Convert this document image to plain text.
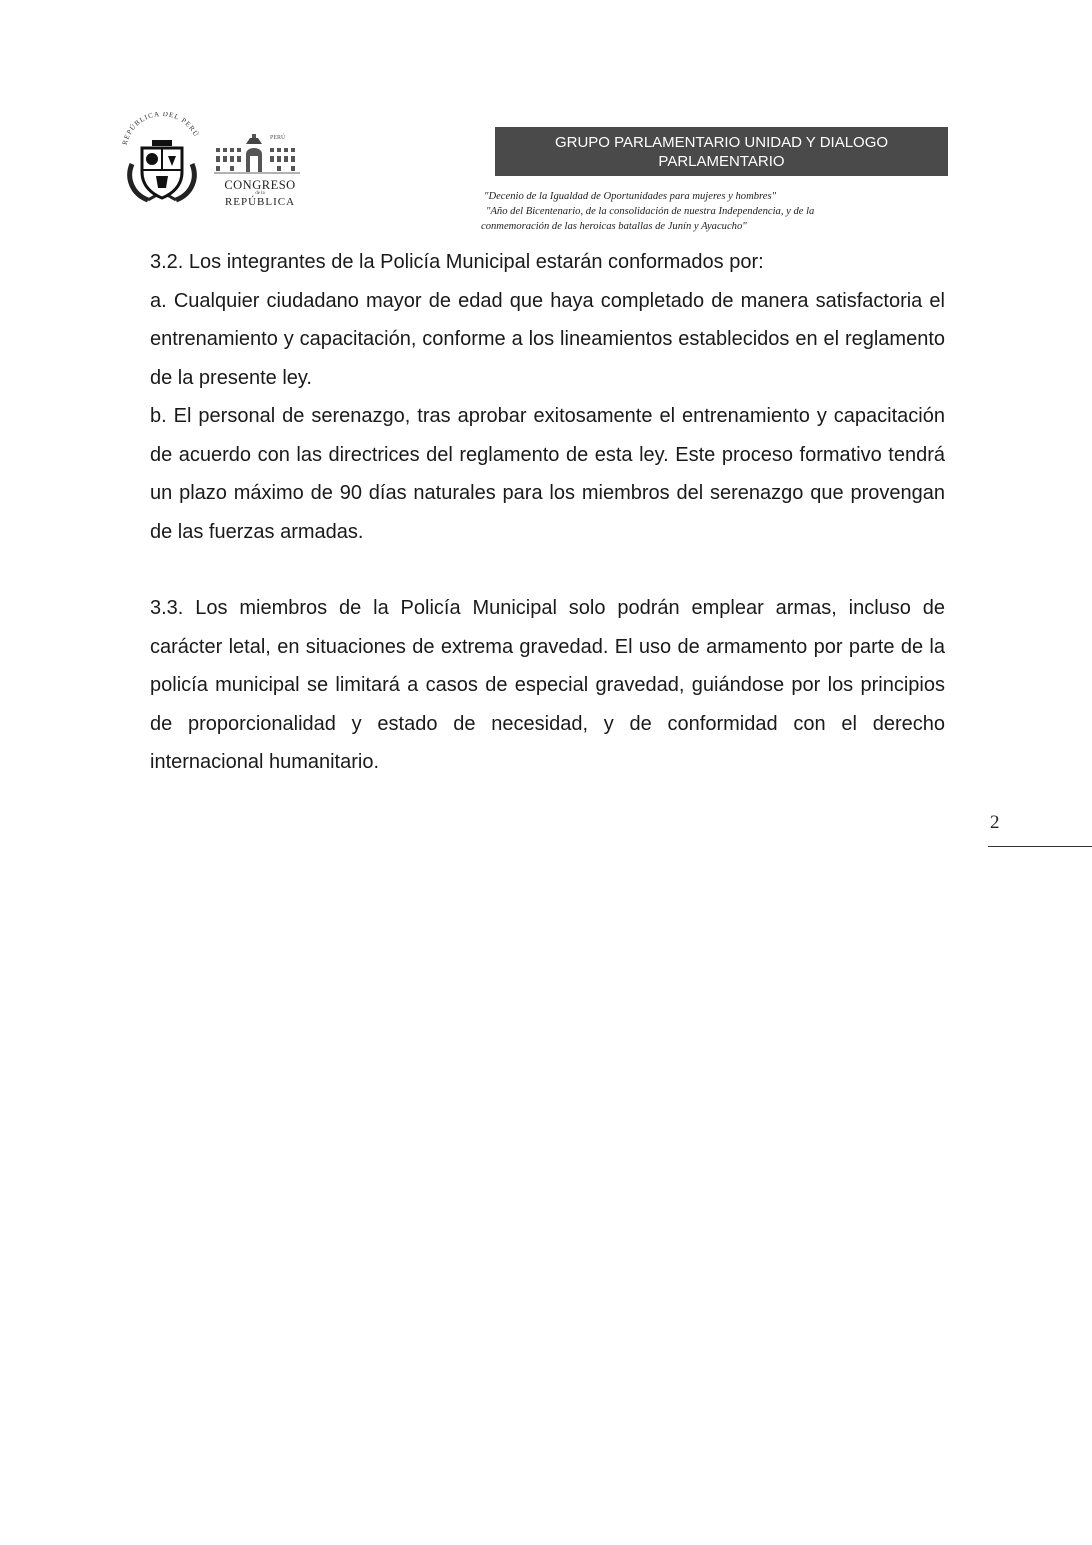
REPÚBLICA DEL PERÚ	PERÚ
CONGRESO
de la
REPÚBLICA
GRUPO PARLAMENTARIO UNIDAD Y DIALOGO
PARLAMENTARIO
"Decenio de la Igualdad de Oportunidades para mujeres y hombres"
"Año del Bicentenario, de la consolidación de nuestra Independencia, y de la
conmemoración de las heroicas batallas de Junín y Ayacucho"

3.2. Los integrantes de la Policía Municipal estarán conformados por:

a. Cualquier ciudadano mayor de edad que haya completado de manera satisfactoria el entrenamiento y capacitación, conforme a los lineamientos establecidos en el reglamento de la presente ley.

b. El personal de serenazgo, tras aprobar exitosamente el entrenamiento y capacitación de acuerdo con las directrices del reglamento de esta ley. Este proceso formativo tendrá un plazo máximo de 90 días naturales para los miembros del serenazgo que provengan de las fuerzas armadas.

3.3. Los miembros de la Policía Municipal solo podrán emplear armas, incluso de carácter letal, en situaciones de extrema gravedad. El uso de armamento por parte de la policía municipal se limitará a casos de especial gravedad, guiándose por los principios de proporcionalidad y estado de necesidad, y de conformidad con el derecho internacional humanitario.

2
